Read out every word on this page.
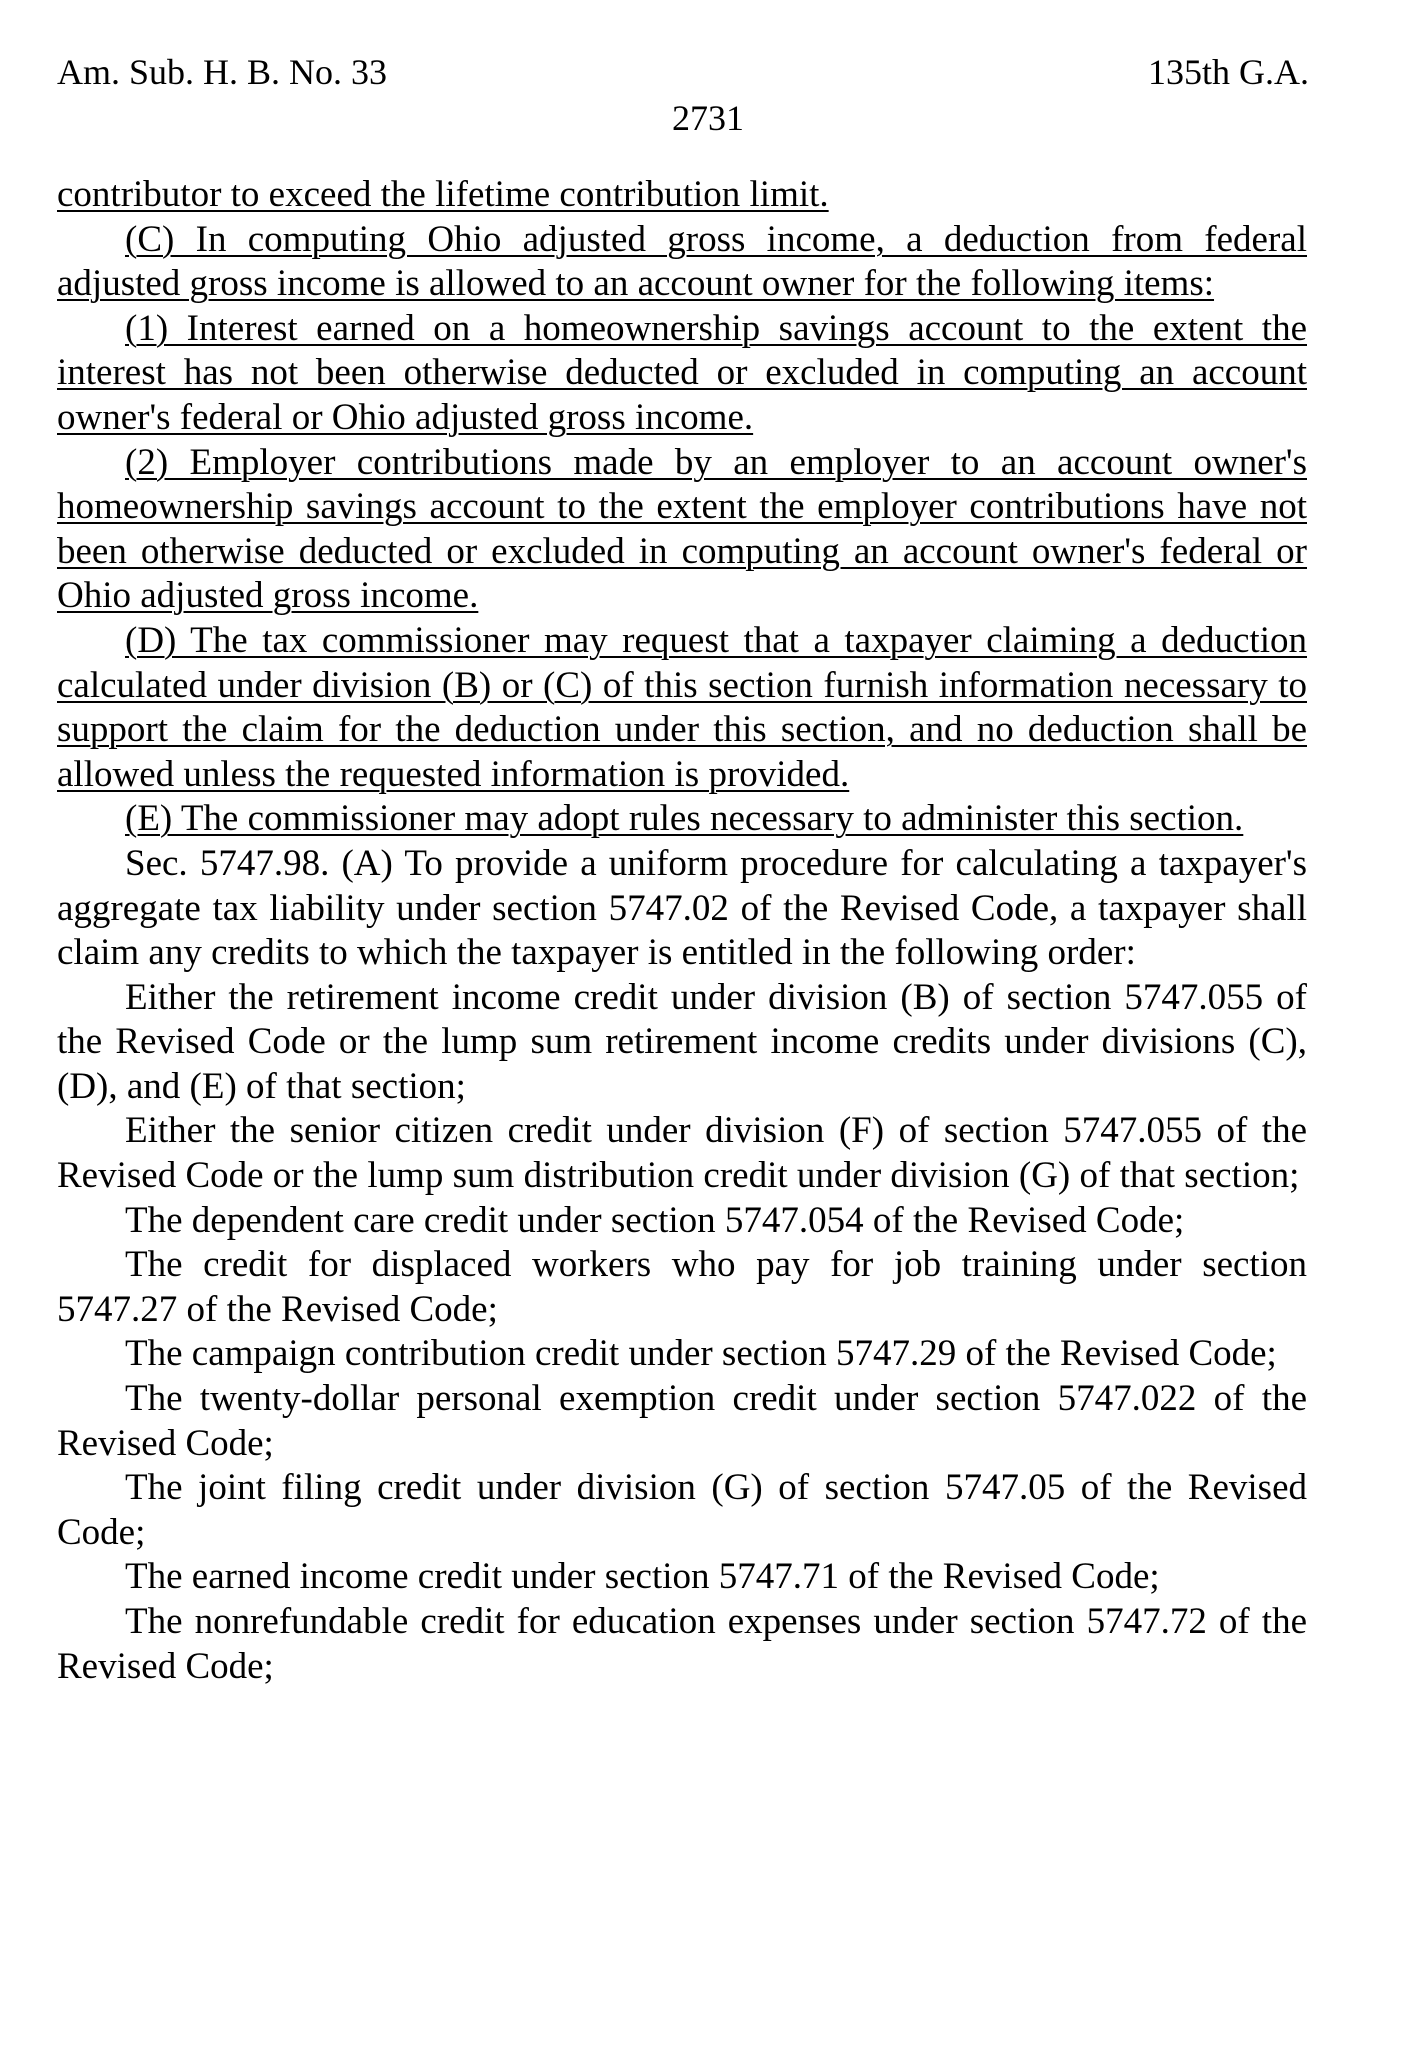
Am. Sub. H. B. No. 33	135th G.A.
2731

contributor to exceed the lifetime contribution limit.

(C) In computing Ohio adjusted gross income, a deduction from federal adjusted gross income is allowed to an account owner for the following items:

(1) Interest earned on a homeownership savings account to the extent the interest has not been otherwise deducted or excluded in computing an account owner's federal or Ohio adjusted gross income.

(2) Employer contributions made by an employer to an account owner's homeownership savings account to the extent the employer contributions have not been otherwise deducted or excluded in computing an account owner's federal or Ohio adjusted gross income.

(D) The tax commissioner may request that a taxpayer claiming a deduction calculated under division (B) or (C) of this section furnish information necessary to support the claim for the deduction under this section, and no deduction shall be allowed unless the requested information is provided.

(E) The commissioner may adopt rules necessary to administer this section.

Sec. 5747.98. (A) To provide a uniform procedure for calculating a taxpayer's aggregate tax liability under section 5747.02 of the Revised Code, a taxpayer shall claim any credits to which the taxpayer is entitled in the following order:

Either the retirement income credit under division (B) of section 5747.055 of the Revised Code or the lump sum retirement income credits under divisions (C), (D), and (E) of that section;

Either the senior citizen credit under division (F) of section 5747.055 of the Revised Code or the lump sum distribution credit under division (G) of that section;

The dependent care credit under section 5747.054 of the Revised Code;

The credit for displaced workers who pay for job training under section 5747.27 of the Revised Code;

The campaign contribution credit under section 5747.29 of the Revised Code;

The twenty-dollar personal exemption credit under section 5747.022 of the Revised Code;

The joint filing credit under division (G) of section 5747.05 of the Revised Code;

The earned income credit under section 5747.71 of the Revised Code;

The nonrefundable credit for education expenses under section 5747.72 of the Revised Code;
